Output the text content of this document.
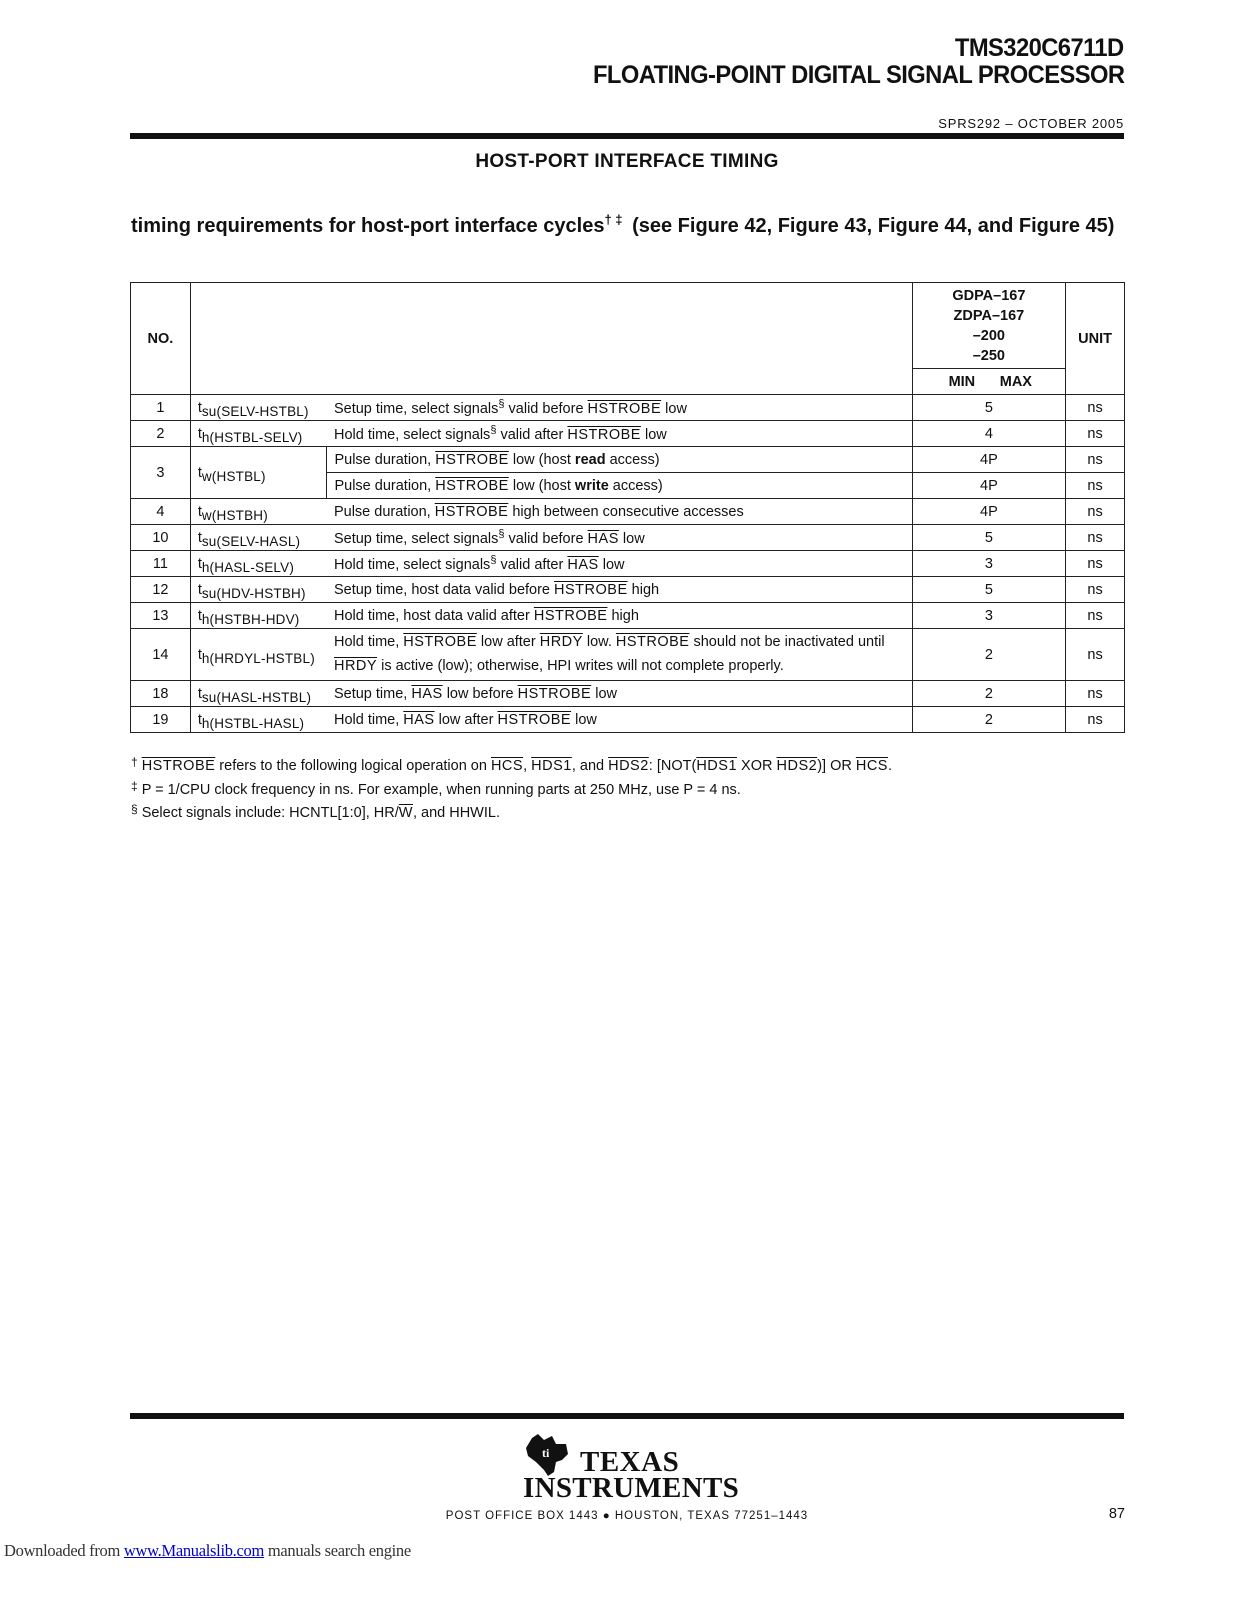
TMS320C6711D
FLOATING-POINT DIGITAL SIGNAL PROCESSOR
SPRS292 – OCTOBER 2005
HOST-PORT INTERFACE TIMING
timing requirements for host-port interface cycles† ‡ (see Figure 42, Figure 43, Figure 44, and Figure 45)
NO.			GDPA–167
ZDPA–167
–200
–250	UNIT
			MIN MAX	
1	tsu(SELV-HSTBL)	Setup time, select signals§ valid before HSTROBE low	5	ns
2	th(HSTBL-SELV)	Hold time, select signals§ valid after HSTROBE low	4	ns
3	tw(HSTBL)	Pulse duration, HSTROBE low (host read access)	4P	ns
		Pulse duration, HSTROBE low (host write access)	4P	ns
4	tw(HSTBH)	Pulse duration, HSTROBE high between consecutive accesses	4P	ns
10	tsu(SELV-HASL)	Setup time, select signals§ valid before $\overline{HAS}$ low	5	ns
11	th(HASL-SELV)	Hold time, select signals§ valid after $\overline{HAS}$ low	3	ns
12	tsu(HDV-HSTBH)	Setup time, host data valid before HSTROBE high	5	ns
13	th(HSTBH-HDV)	Hold time, host data valid after HSTROBE high	3	ns
14	th(HRDYL-HSTBL)	Hold time, HSTROBE low after HRDY low. HSTROBE should not be inactivated until HRDY is active (low); otherwise, HPI writes will not complete properly.	2	ns
18	tsu(HASL-HSTBL)	Setup time, $\overline{HAS}$ low before HSTROBE low	2	ns
19	th(HSTBL-HASL)	Hold time, $\overline{HAS}$ low after HSTROBE low	2	ns
† HSTROBE refers to the following logical operation on $\overline{HCS}$, HDS1, and HDS2: [NOT(HDS1 XOR HDS2)] OR $\overline{HCS}$.
‡ P = 1/CPU clock frequency in ns. For example, when running parts at 250 MHz, use P = 4 ns.
§ Select signals include: HCNTL[1:0], $HR/\overline{W}$, and HHWIL.
ti TEXAS
INSTRUMENTS
POST OFFICE BOX 1443 ● HOUSTON, TEXAS 77251–1443	87
Downloaded from www.Manualslib.com manuals search engine
